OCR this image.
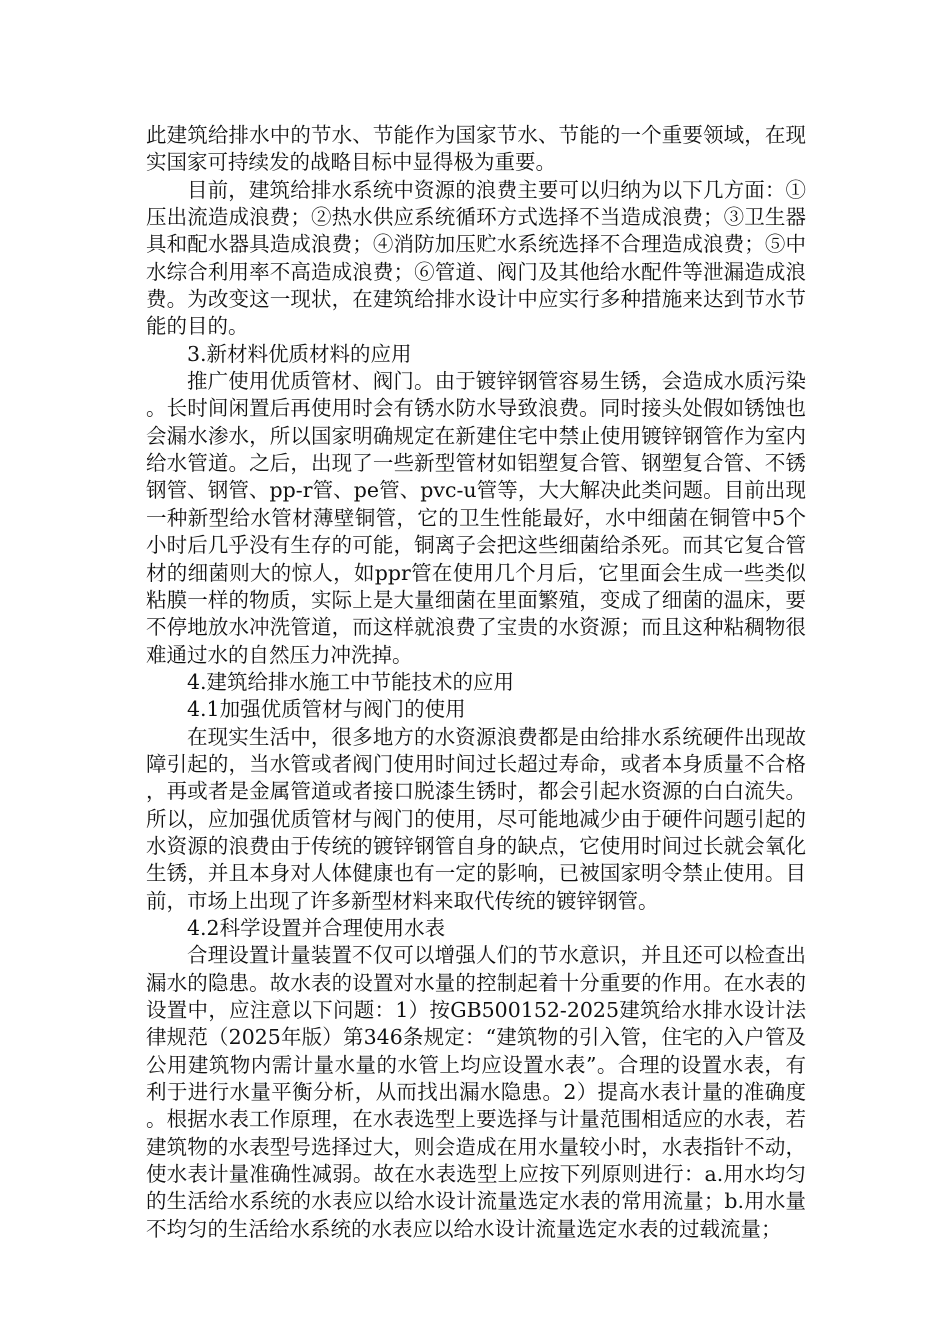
此建筑给排水中的节水、节能作为国家节水、节能的一个重要领域，在现实国家可持续发的战略目标中显得极为重要。

目前，建筑给排水系统中资源的浪费主要可以归纳为以下几方面：①压出流造成浪费；②热水供应系统循环方式选择不当造成浪费；③卫生器具和配水器具造成浪费；④消防加压贮水系统选择不合理造成浪费；⑤中水综合利用率不高造成浪费；⑥管道、阀门及其他给水配件等泄漏造成浪费。为改变这一现状，在建筑给排水设计中应实行多种措施来达到节水节能的目的。

3.新材料优质材料的应用

推广使用优质管材、阀门。由于镀锌钢管容易生锈，会造成水质污染。长时间闲置后再使用时会有锈水防水导致浪费。同时接头处假如锈蚀也会漏水渗水，所以国家明确规定在新建住宅中禁止使用镀锌钢管作为室内给水管道。之后，出现了一些新型管材如铝塑复合管、钢塑复合管、不锈钢管、钢管、pp-r管、pe管、pvc-u管等，大大解决此类问题。目前出现一种新型给水管材薄壁铜管，它的卫生性能最好，水中细菌在铜管中5个小时后几乎没有生存的可能，铜离子会把这些细菌给杀死。而其它复合管材的细菌则大的惊人，如ppr管在使用几个月后，它里面会生成一些类似粘膜一样的物质，实际上是大量细菌在里面繁殖，变成了细菌的温床，要不停地放水冲洗管道，而这样就浪费了宝贵的水资源；而且这种粘稠物很难通过水的自然压力冲洗掉。

4.建筑给排水施工中节能技术的应用

4.1加强优质管材与阀门的使用

在现实生活中，很多地方的水资源浪费都是由给排水系统硬件出现故障引起的，当水管或者阀门使用时间过长超过寿命，或者本身质量不合格，再或者是金属管道或者接口脱漆生锈时，都会引起水资源的白白流失。所以，应加强优质管材与阀门的使用，尽可能地减少由于硬件问题引起的水资源的浪费由于传统的镀锌钢管自身的缺点，它使用时间过长就会氧化生锈，并且本身对人体健康也有一定的影响，已被国家明令禁止使用。目前，市场上出现了许多新型材料来取代传统的镀锌钢管。

4.2科学设置并合理使用水表

合理设置计量装置不仅可以增强人们的节水意识，并且还可以检查出漏水的隐患。故水表的设置对水量的控制起着十分重要的作用。在水表的设置中，应注意以下问题：1）按GB500152-2025建筑给水排水设计法律规范（2025年版）第346条规定：“建筑物的引入管，住宅的入户管及公用建筑物内需计量水量的水管上均应设置水表”。合理的设置水表，有利于进行水量平衡分析，从而找出漏水隐患。2）提高水表计量的准确度。根据水表工作原理，在水表选型上要选择与计量范围相适应的水表，若建筑物的水表型号选择过大，则会造成在用水量较小时，水表指针不动，使水表计量准确性减弱。故在水表选型上应按下列原则进行：a.用水均匀的生活给水系统的水表应以给水设计流量选定水表的常用流量；b.用水量不均匀的生活给水系统的水表应以给水设计流量选定水表的过载流量；
